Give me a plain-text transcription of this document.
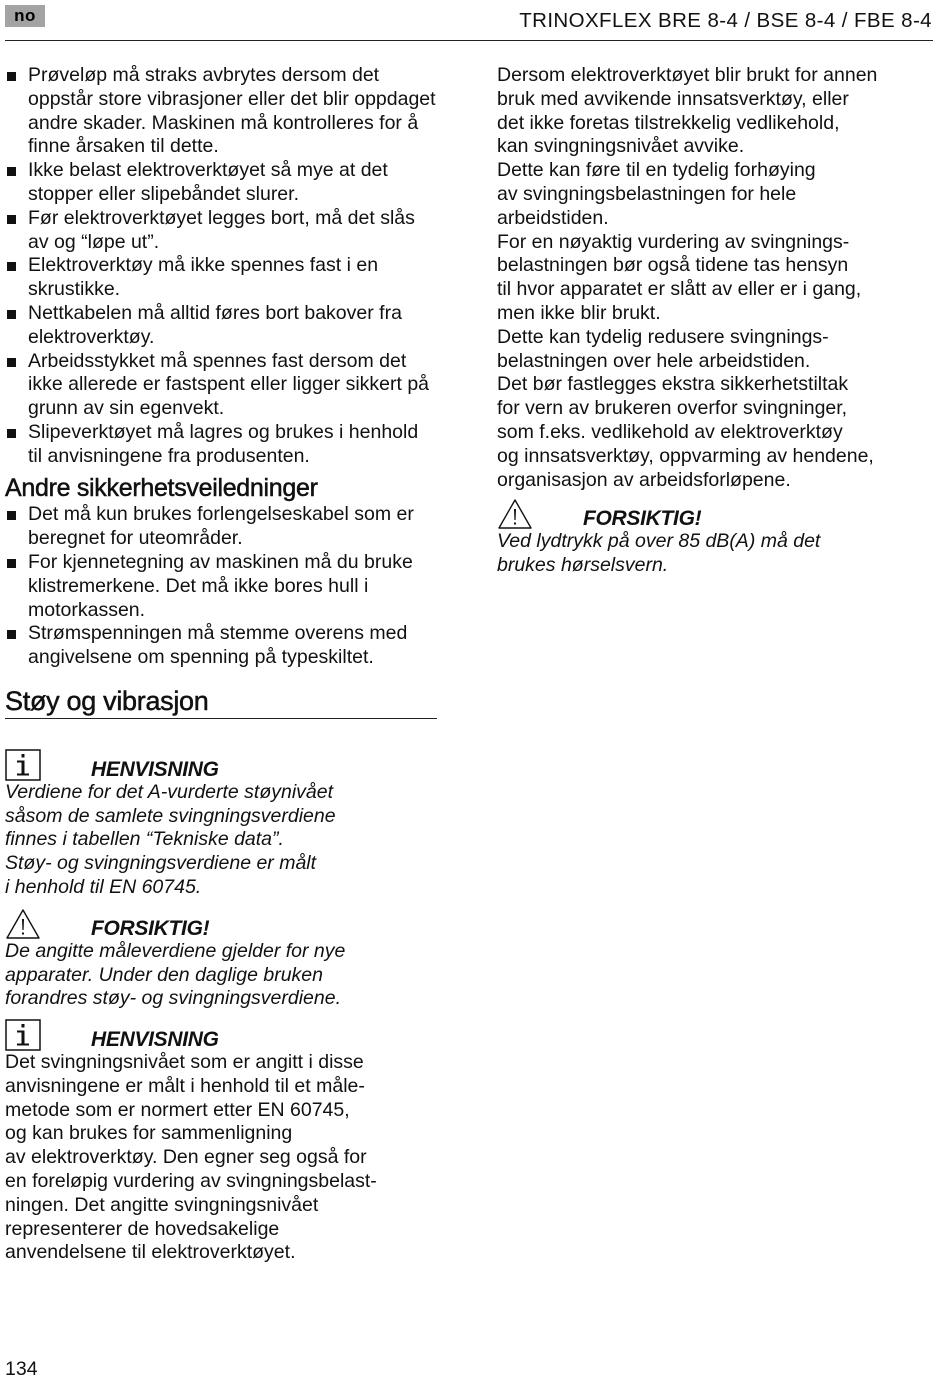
no	TRINOXFLEX BRE 8-4 / BSE 8-4 / FBE 8-4
Prøveløp må straks avbrytes dersom det oppstår store vibrasjoner eller det blir oppdaget andre skader. Maskinen må kontrolleres for å finne årsaken til dette.
Ikke belast elektroverktøyet så mye at det stopper eller slipebåndet slurer.
Før elektroverktøyet legges bort, må det slås av og “løpe ut”.
Elektroverktøy må ikke spennes fast i en skrustikke.
Nettkabelen må alltid føres bort bakover fra elektroverktøy.
Arbeidsstykket må spennes fast dersom det ikke allerede er fastspent eller ligger sikkert på grunn av sin egenvekt.
Slipeverktøyet må lagres og brukes i henhold til anvisningene fra produsenten.
Andre sikkerhetsveiledninger
Det må kun brukes forlengelseskabel som er beregnet for uteområder.
For kjennetegning av maskinen må du bruke klistremerkene. Det må ikke bores hull i motorkassen.
Strømspenningen må stemme overens med angivelsene om spenning på typeskiltet.
Støy og vibrasjon
HENVISNING

Verdiene for det A-vurderte støynivået

såsom de samlete svingningsverdiene

finnes i tabellen “Tekniske data”.

Støy- og svingningsverdiene er målt

i henhold til EN 60745.

FORSIKTIG!

De angitte måleverdiene gjelder for nye

apparater. Under den daglige bruken

forandres støy- og svingningsverdiene.

HENVISNING

Det svingningsnivået som er angitt i disse

anvisningene er målt i henhold til et måle-

metode som er normert etter EN 60745,

og kan brukes for sammenligning

av elektroverktøy. Den egner seg også for

en foreløpig vurdering av svingningsbelast-

ningen. Det angitte svingningsnivået

representerer de hovedsakelige

anvendelsene til elektroverktøyet.

Dersom elektroverktøyet blir brukt for annen

bruk med avvikende innsatsverktøy, eller

det ikke foretas tilstrekkelig vedlikehold,

kan svingningsnivået avvike.

Dette kan føre til en tydelig forhøying

av svingningsbelastningen for hele

arbeidstiden.

For en nøyaktig vurdering av svingnings-

belastningen bør også tidene tas hensyn

til hvor apparatet er slått av eller er i gang,

men ikke blir brukt.

Dette kan tydelig redusere svingnings-

belastningen over hele arbeidstiden.

Det bør fastlegges ekstra sikkerhetstiltak

for vern av brukeren overfor svingninger,

som f.eks. vedlikehold av elektroverktøy

og innsatsverktøy, oppvarming av hendene,

organisasjon av arbeidsforløpene.

FORSIKTIG!

Ved lydtrykk på over 85 dB(A) må det

brukes hørselsvern.

134
